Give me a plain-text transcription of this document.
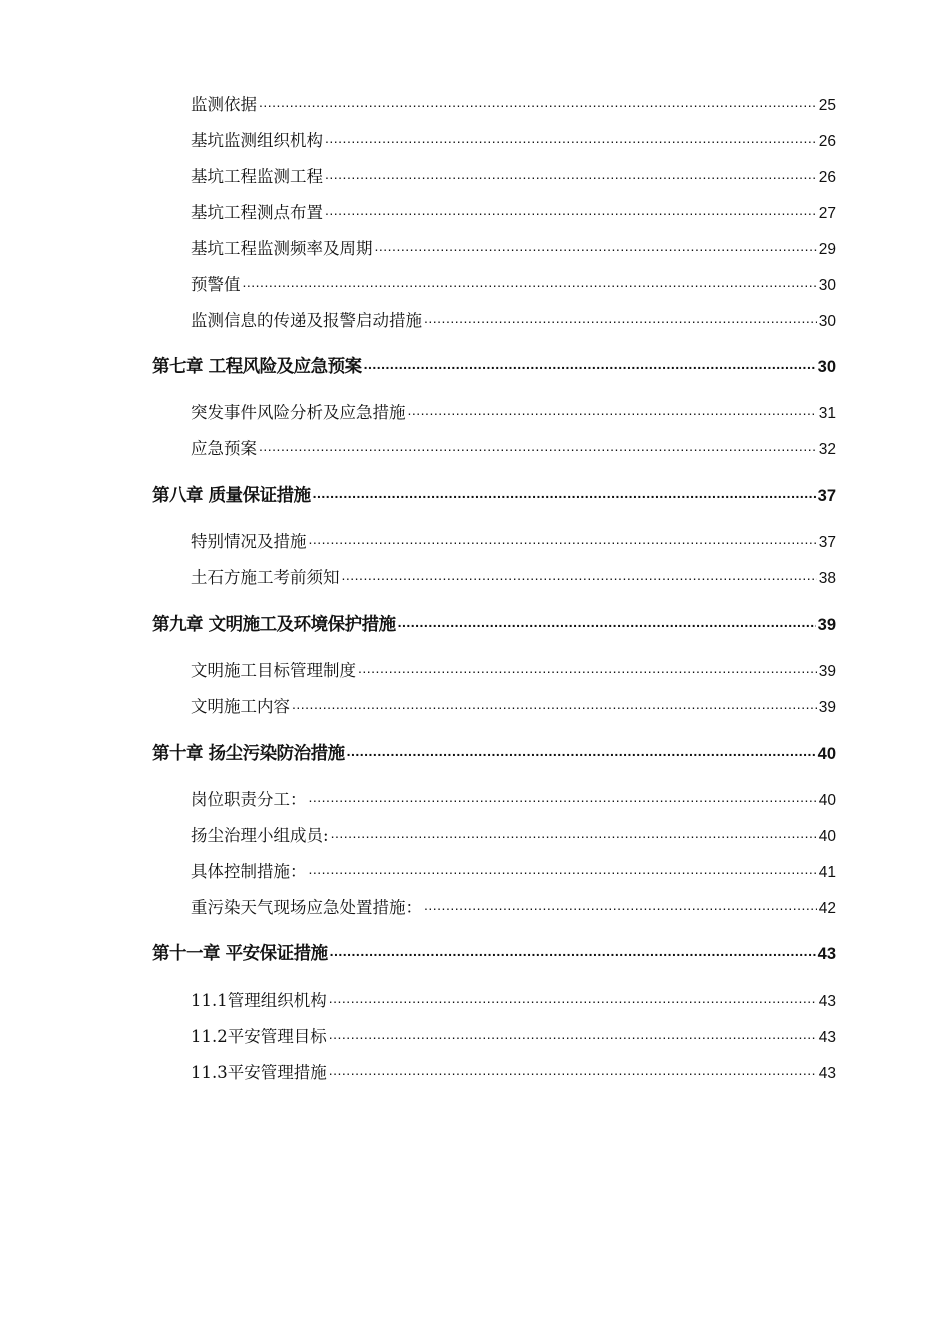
监测依据 .....	25
基坑监测组织机构 .....	26
基坑工程监测工程 .....	26
基坑工程测点布置 .....	27
基坑工程监测频率及周期 .....	29
预警值 .....	30
监测信息的传递及报警启动措施 .....	30
第七章 工程风险及应急预案 .....	30
突发事件风险分析及应急措施 .....	31
应急预案 .....	32
第八章 质量保证措施 .....	37
特别情况及措施 .....	37
土石方施工考前须知 .....	38
第九章 文明施工及环境保护措施 .....	39
文明施工目标管理制度 .....	39
文明施工内容 .....	39
第十章 扬尘污染防治措施 .....	40
岗位职责分工： .....	40
扬尘治理小组成员: .....	40
具体控制措施： .....	41
重污染天气现场应急处置措施： .....	42
第十一章 平安保证措施 .....	43
11.1管理组织机构 .....	43
11.2平安管理目标 .....	43
11.3平安管理措施 .....	43
